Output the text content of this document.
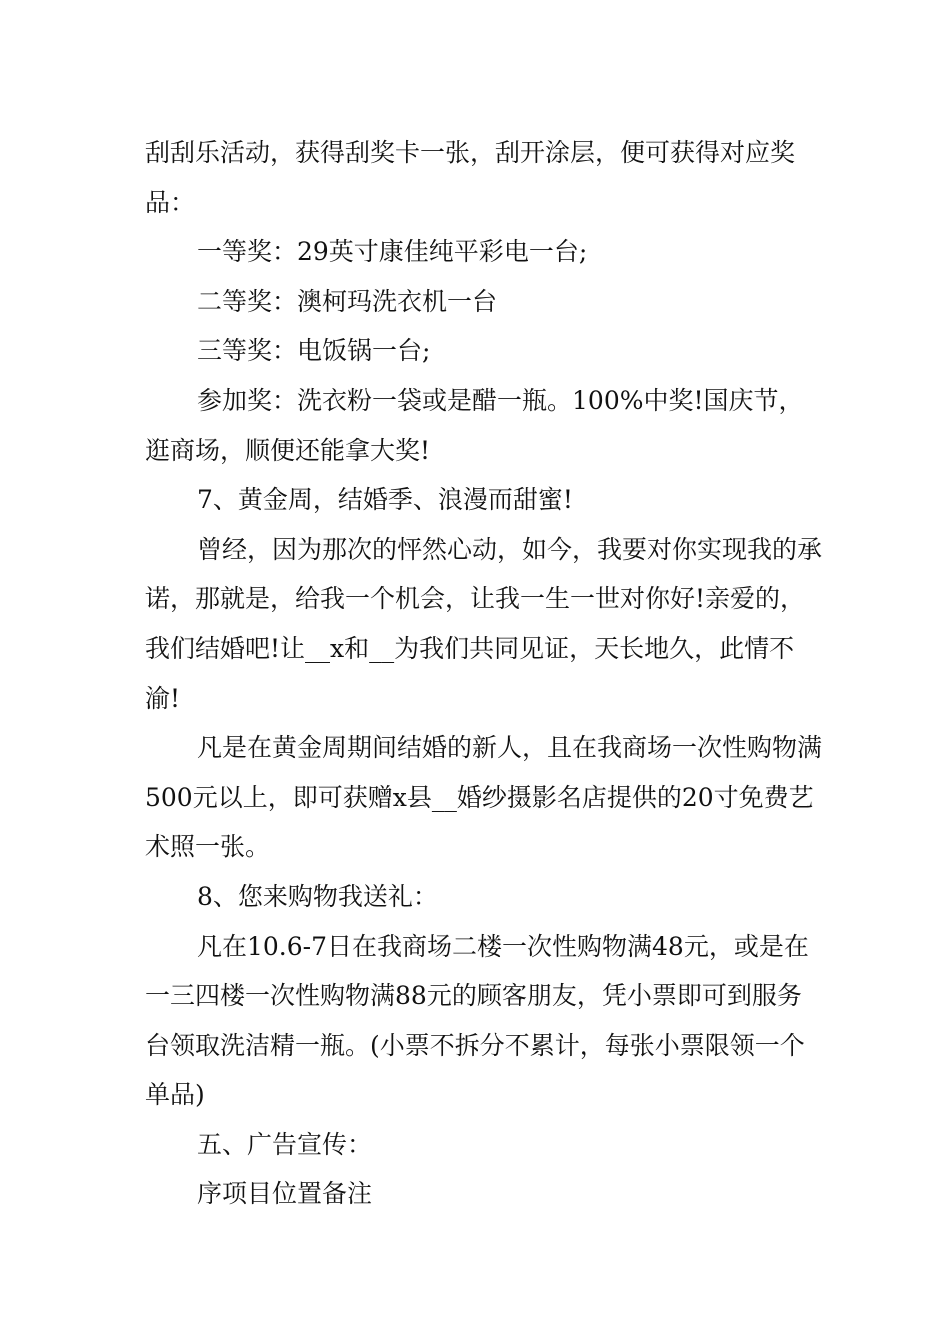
刮刮乐活动，获得刮奖卡一张，刮开涂层，便可获得对应奖品：

一等奖：29英寸康佳纯平彩电一台;

二等奖：澳柯玛洗衣机一台

三等奖：电饭锅一台;

参加奖：洗衣粉一袋或是醋一瓶。100%中奖!国庆节，逛商场，顺便还能拿大奖!

7、黄金周，结婚季、浪漫而甜蜜!

曾经，因为那次的怦然心动，如今，我要对你实现我的承诺，那就是，给我一个机会，让我一生一世对你好!亲爱的，我们结婚吧!让__x和__为我们共同见证，天长地久，此情不渝!

凡是在黄金周期间结婚的新人，且在我商场一次性购物满500元以上，即可获赠x县__婚纱摄影名店提供的20寸免费艺术照一张。

8、您来购物我送礼：

凡在10.6-7日在我商场二楼一次性购物满48元，或是在一三四楼一次性购物满88元的顾客朋友，凭小票即可到服务台领取洗洁精一瓶。(小票不拆分不累计，每张小票限领一个单品)

五、广告宣传：

序项目位置备注
